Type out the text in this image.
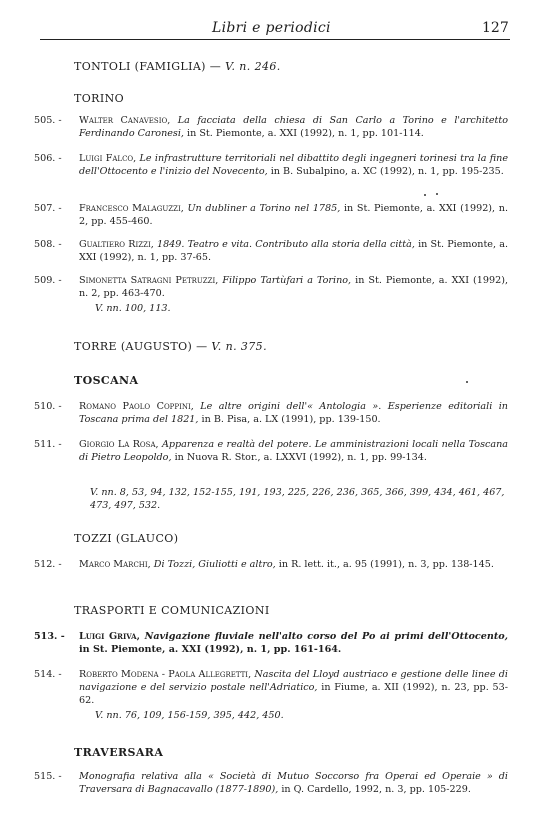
Libri e periodici	127
TONTOLI (FAMIGLIA) — V. n. 246.
TORINO
505. - Walter Canavesio, La facciata della chiesa di San Carlo a Torino e l'architetto Ferdinando Caronesi, in St. Piemonte, a. XXI (1992), n. 1, pp. 101-114.
506. - Luigi Falco, Le infrastrutture territoriali nel dibattito degli ingegneri torinesi tra la fine dell'Ottocento e l'inizio del Novecento, in B. Subalpino, a. XC (1992), n. 1, pp. 195-235.
507. - Francesco Malaguzzi, Un dubliner a Torino nel 1785, in St. Piemonte, a. XXI (1992), n. 2, pp. 455-460.
508. - Gualtiero Rizzi, 1849. Teatro e vita. Contributo alla storia della città, in St. Piemonte, a. XXI (1992), n. 1, pp. 37-65.
509. - Simonetta Satragni Petruzzi, Filippo Tartùfari a Torino, in St. Piemonte, a. XXI (1992), n. 2, pp. 463-470.
V. nn. 100, 113.
TORRE (AUGUSTO) — V. n. 375.
TOSCANA
510. - Romano Paolo Coppini, Le altre origini dell'« Antologia ». Esperienze editoriali in Toscana prima del 1821, in B. Pisa, a. LX (1991), pp. 139-150.
511. - Giorgio La Rosa, Apparenza e realtà del potere. Le amministrazioni locali nella Toscana di Pietro Leopoldo, in Nuova R. Stor., a. LXXVI (1992), n. 1, pp. 99-134.
V. nn. 8, 53, 94, 132, 152-155, 191, 193, 225, 226, 236, 365, 366, 399, 434, 461, 467, 473, 497, 532.
TOZZI (GLAUCO)
512. - Marco Marchi, Di Tozzi, Giuliotti e altro, in R. lett. it., a. 95 (1991), n. 3, pp. 138-145.
TRASPORTI E COMUNICAZIONI
513. - Luigi Griva, Navigazione fluviale nell'alto corso del Po ai primi dell'Ottocento, in St. Piemonte, a. XXI (1992), n. 1, pp. 161-164.
514. - Roberto Modena - Paola Allegretti, Nascita del Lloyd austriaco e gestione delle linee di navigazione e del servizio postale nell'Adriatico, in Fiume, a. XII (1992), n. 23, pp. 53-62.
V. nn. 76, 109, 156-159, 395, 442, 450.
TRAVERSARA
515. - Monografia relativa alla « Società di Mutuo Soccorso fra Operai ed Operaie » di Traversara di Bagnacavallo (1877-1890), in Q. Cardello, 1992, n. 3, pp. 105-229.
